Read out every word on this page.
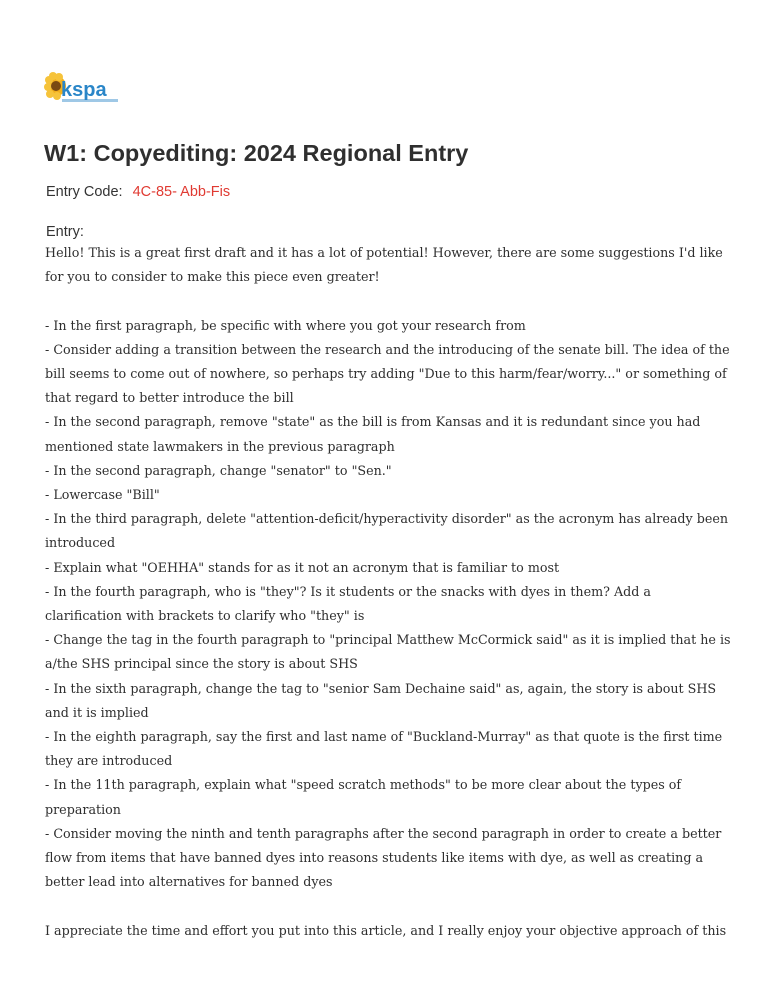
kspa
W1: Copyediting: 2024 Regional Entry
Entry Code: 4C-85- Abb-Fis
Entry:

Hello! This is a great first draft and it has a lot of potential! However, there are some suggestions I'd like for you to consider to make this piece even greater!

- In the first paragraph, be specific with where you got your research from
- Consider adding a transition between the research and the introducing of the senate bill. The idea of the bill seems to come out of nowhere, so perhaps try adding "Due to this harm/fear/worry..." or something of that regard to better introduce the bill
- In the second paragraph, remove "state" as the bill is from Kansas and it is redundant since you had mentioned state lawmakers in the previous paragraph
- In the second paragraph, change "senator" to "Sen."
- Lowercase "Bill"
- In the third paragraph, delete "attention-deficit/hyperactivity disorder" as the acronym has already been introduced
- Explain what "OEHHA" stands for as it not an acronym that is familiar to most
- In the fourth paragraph, who is "they"? Is it students or the snacks with dyes in them? Add a clarification with brackets to clarify who "they" is
- Change the tag in the fourth paragraph to "principal Matthew McCormick said" as it is implied that he is a/the SHS principal since the story is about SHS
- In the sixth paragraph, change the tag to "senior Sam Dechaine said" as, again, the story is about SHS and it is implied
- In the eighth paragraph, say the first and last name of "Buckland-Murray" as that quote is the first time they are introduced
- In the 11th paragraph, explain what "speed scratch methods" to be more clear about the types of preparation
- Consider moving the ninth and tenth paragraphs after the second paragraph in order to create a better flow from items that have banned dyes into reasons students like items with dye, as well as creating a better lead into alternatives for banned dyes

I appreciate the time and effort you put into this article, and I really enjoy your objective approach of this
